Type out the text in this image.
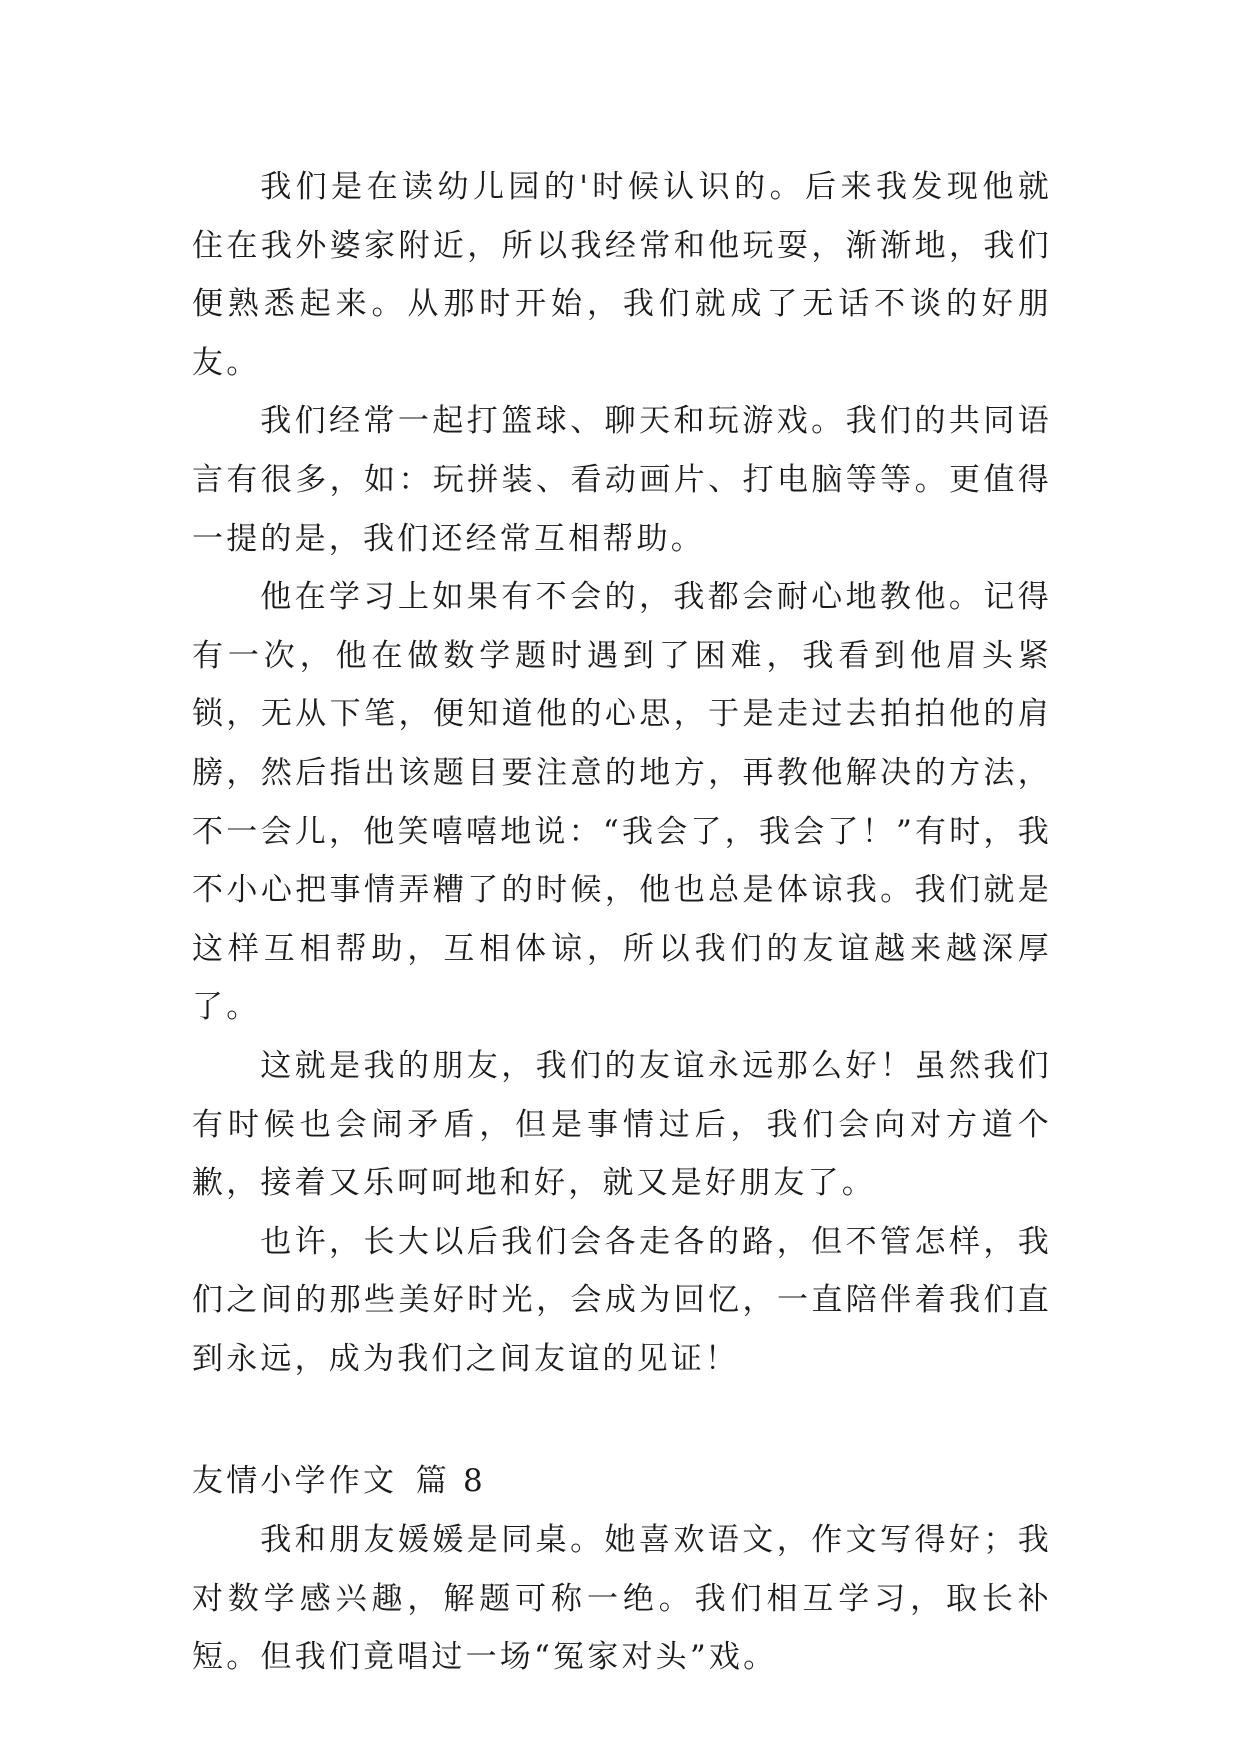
我们是在读幼儿园的'时候认识的。后来我发现他就住在我外婆家附近，所以我经常和他玩耍，渐渐地，我们便熟悉起来。从那时开始，我们就成了无话不谈的好朋友。

我们经常一起打篮球、聊天和玩游戏。我们的共同语言有很多，如：玩拼装、看动画片、打电脑等等。更值得一提的是，我们还经常互相帮助。

他在学习上如果有不会的，我都会耐心地教他。记得有一次，他在做数学题时遇到了困难，我看到他眉头紧锁，无从下笔，便知道他的心思，于是走过去拍拍他的肩膀，然后指出该题目要注意的地方，再教他解决的方法，不一会儿，他笑嘻嘻地说：“我会了，我会了！”有时，我不小心把事情弄糟了的时候，他也总是体谅我。我们就是这样互相帮助，互相体谅，所以我们的友谊越来越深厚了。

这就是我的朋友，我们的友谊永远那么好！虽然我们有时候也会闹矛盾，但是事情过后，我们会向对方道个歉，接着又乐呵呵地和好，就又是好朋友了。

也许，长大以后我们会各走各的路，但不管怎样，我们之间的那些美好时光，会成为回忆，一直陪伴着我们直到永远，成为我们之间友谊的见证！

友情小学作文 篇 8

我和朋友媛媛是同桌。她喜欢语文，作文写得好；我对数学感兴趣，解题可称一绝。我们相互学习，取长补短。但我们竟唱过一场“冤家对头”戏。
